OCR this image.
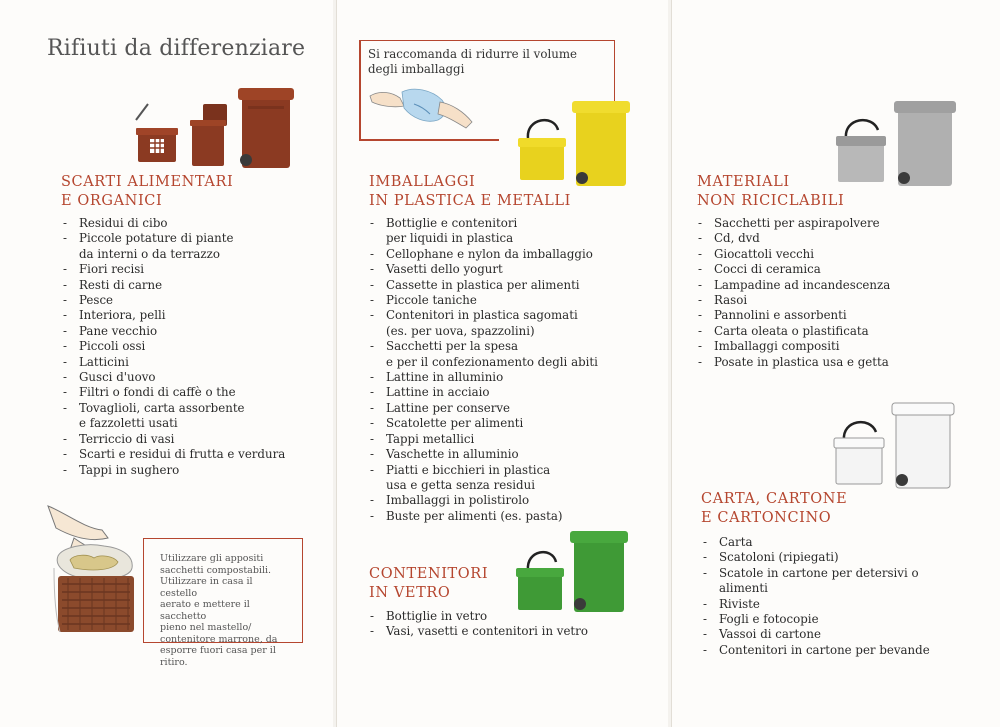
Rifiuti da differenziare
SCARTI ALIMENTARI
E ORGANICI
- Residui di cibo
- Piccole potature di piante
da interni o da terrazzo
- Fiori recisi
- Resti di carne
- Pesce
- Interiora, pelli
- Pane vecchio
- Piccoli ossi
- Latticini
- Gusci d'uovo
- Filtri o fondi di caffè o the
- Tovaglioli, carta assorbente
e fazzoletti usati
- Terriccio di vasi
- Scarti e residui di frutta e verdura
- Tappi in sughero
Utilizzare gli appositi
sacchetti compostabili.
Utilizzare in casa il cestello
aerato e mettere il sacchetto
pieno nel mastello/
contenitore marrone, da
esporre fuori casa per il ritiro.
Si raccomanda di ridurre il volume
degli imballaggi
IMBALLAGGI
IN PLASTICA E METALLI
- Bottiglie e contenitori
per liquidi in plastica
- Cellophane e nylon da imballaggio
- Vasetti dello yogurt
- Cassette in plastica per alimenti
- Piccole taniche
- Contenitori in plastica sagomati
(es. per uova, spazzolini)
- Sacchetti per la spesa
e per il confezionamento degli abiti
- Lattine in alluminio
- Lattine in acciaio
- Lattine per conserve
- Scatolette per alimenti
- Tappi metallici
- Vaschette in alluminio
- Piatti e bicchieri in plastica
usa e getta senza residui
- Imballaggi in polistirolo
- Buste per alimenti (es. pasta)
CONTENITORI
IN VETRO
- Bottiglie in vetro
- Vasi, vasetti e contenitori in vetro
MATERIALI
NON RICICLABILI
- Sacchetti per aspirapolvere
- Cd, dvd
- Giocattoli vecchi
- Cocci di ceramica
- Lampadine ad incandescenza
- Rasoi
- Pannolini e assorbenti
- Carta oleata o plastificata
- Imballaggi compositi
- Posate in plastica usa e getta
CARTA, CARTONE
E CARTONCINO
- Carta
- Scatoloni (ripiegati)
- Scatole in cartone per detersivi o
alimenti
- Riviste
- Fogli e fotocopie
- Vassoi di cartone
- Contenitori in cartone per bevande
